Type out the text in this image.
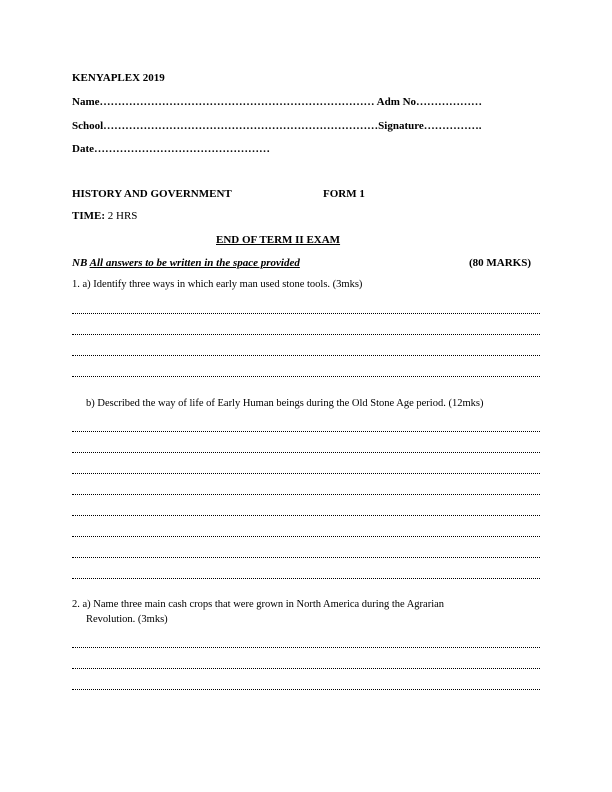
KENYAPLEX 2019
Name………………………………………………………………… Adm No………………
School…………………………………………………………………Signature…………….
Date…………………………………………
HISTORY AND GOVERNMENT	FORM 1
TIME: 2 HRS
END OF TERM II EXAM
NB All answers to be written in the space provided	(80 MARKS)
1. a) Identify three ways in which early man used stone tools. (3mks)
b) Described the way of life of Early Human beings during the Old Stone Age period. (12mks)
2. a) Name three main cash crops that were grown in North America during the Agrarian
Revolution. (3mks)
